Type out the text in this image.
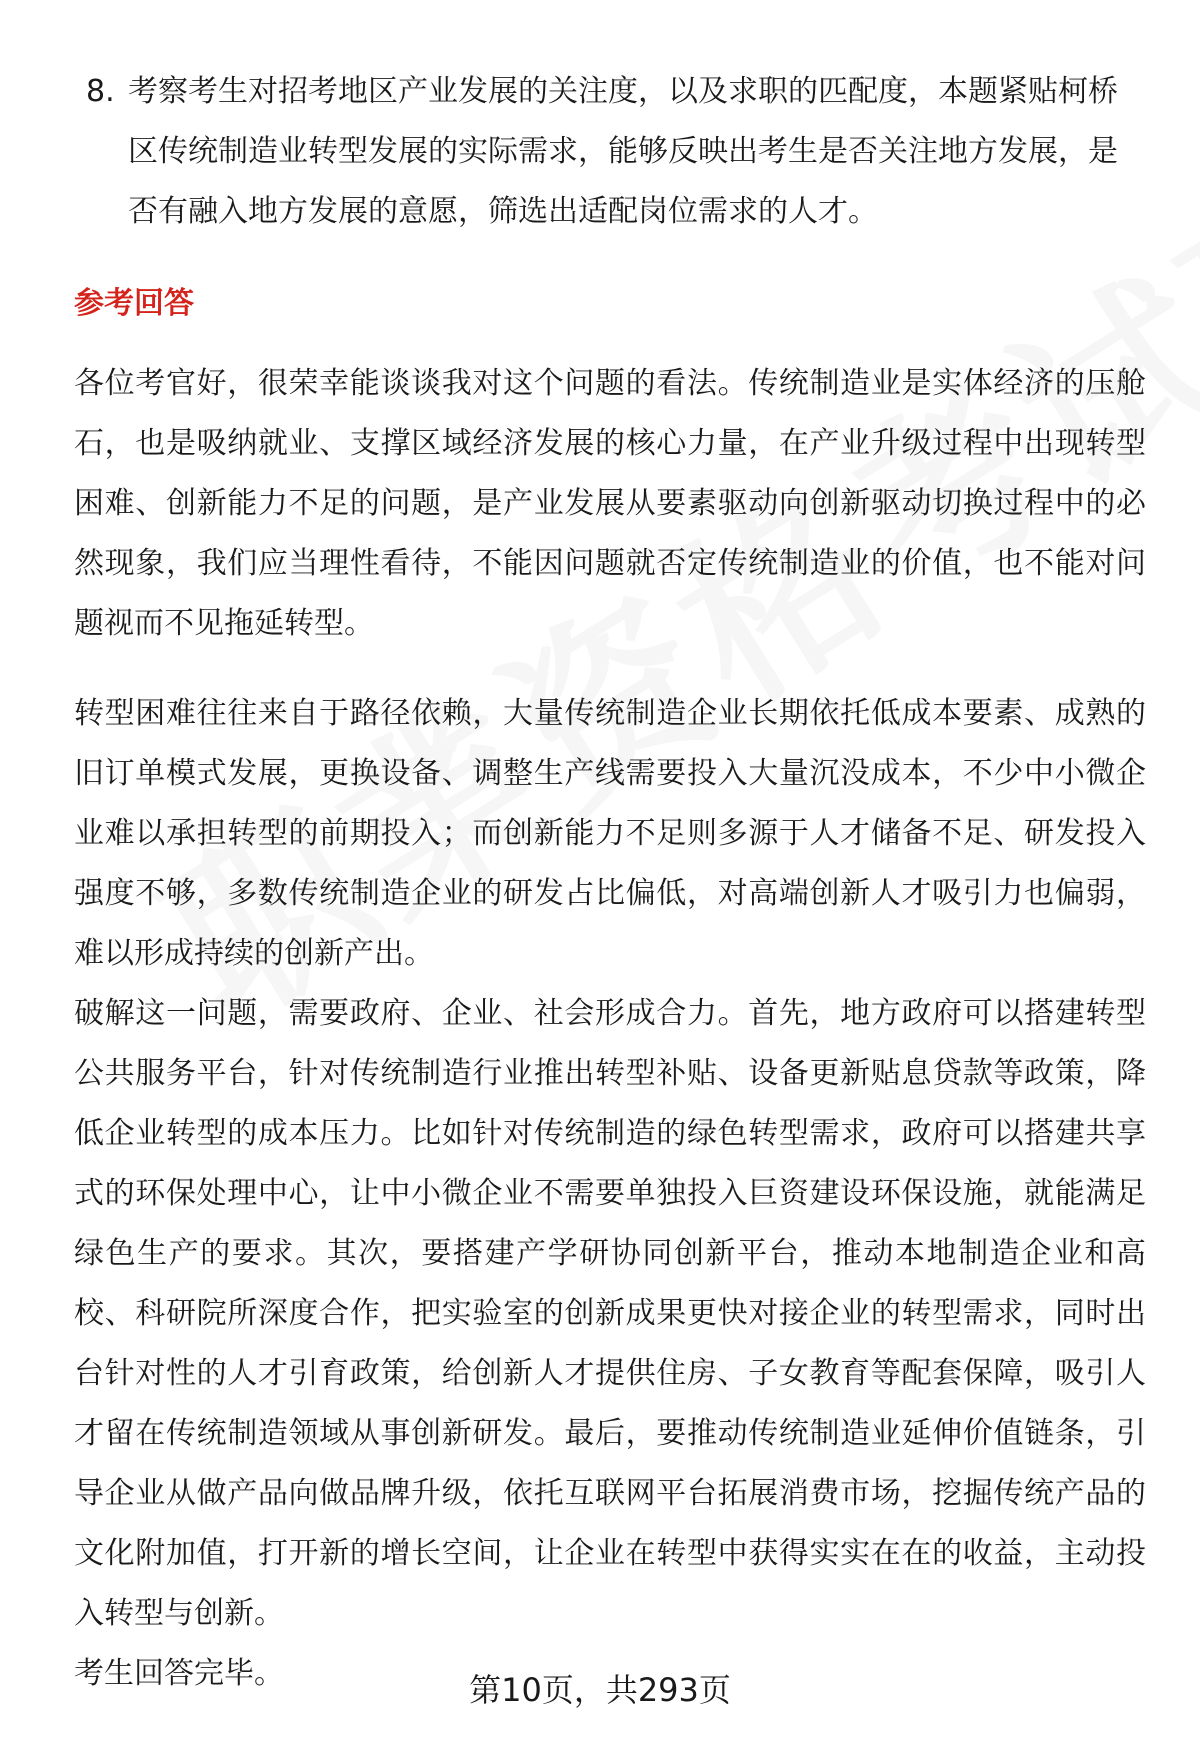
8. 考察考生对招考地区产业发展的关注度，以及求职的匹配度，本题紧贴柯桥区传统制造业转型发展的实际需求，能够反映出考生是否关注地方发展，是否有融入地方发展的意愿，筛选出适配岗位需求的人才。
参考回答

各位考官好，很荣幸能谈谈我对这个问题的看法。传统制造业是实体经济的压舱石，也是吸纳就业、支撑区域经济发展的核心力量，在产业升级过程中出现转型困难、创新能力不足的问题，是产业发展从要素驱动向创新驱动切换过程中的必然现象，我们应当理性看待，不能因问题就否定传统制造业的价值，也不能对问题视而不见拖延转型。

转型困难往往来自于路径依赖，大量传统制造企业长期依托低成本要素、成熟的旧订单模式发展，更换设备、调整生产线需要投入大量沉没成本，不少中小微企业难以承担转型的前期投入；而创新能力不足则多源于人才储备不足、研发投入强度不够，多数传统制造企业的研发占比偏低，对高端创新人才吸引力也偏弱，难以形成持续的创新产出。

破解这一问题，需要政府、企业、社会形成合力。首先，地方政府可以搭建转型公共服务平台，针对传统制造行业推出转型补贴、设备更新贴息贷款等政策，降低企业转型的成本压力。比如针对传统制造的绿色转型需求，政府可以搭建共享式的环保处理中心，让中小微企业不需要单独投入巨资建设环保设施，就能满足绿色生产的要求。其次，要搭建产学研协同创新平台，推动本地制造企业和高校、科研院所深度合作，把实验室的创新成果更快对接企业的转型需求，同时出台针对性的人才引育政策，给创新人才提供住房、子女教育等配套保障，吸引人才留在传统制造领域从事创新研发。最后，要推动传统制造业延伸价值链条，引导企业从做产品向做品牌升级，依托互联网平台拓展消费市场，挖掘传统产品的文化附加值，打开新的增长空间，让企业在转型中获得实实在在的收益，主动投入转型与创新。

考生回答完毕。	第10页，共293页
